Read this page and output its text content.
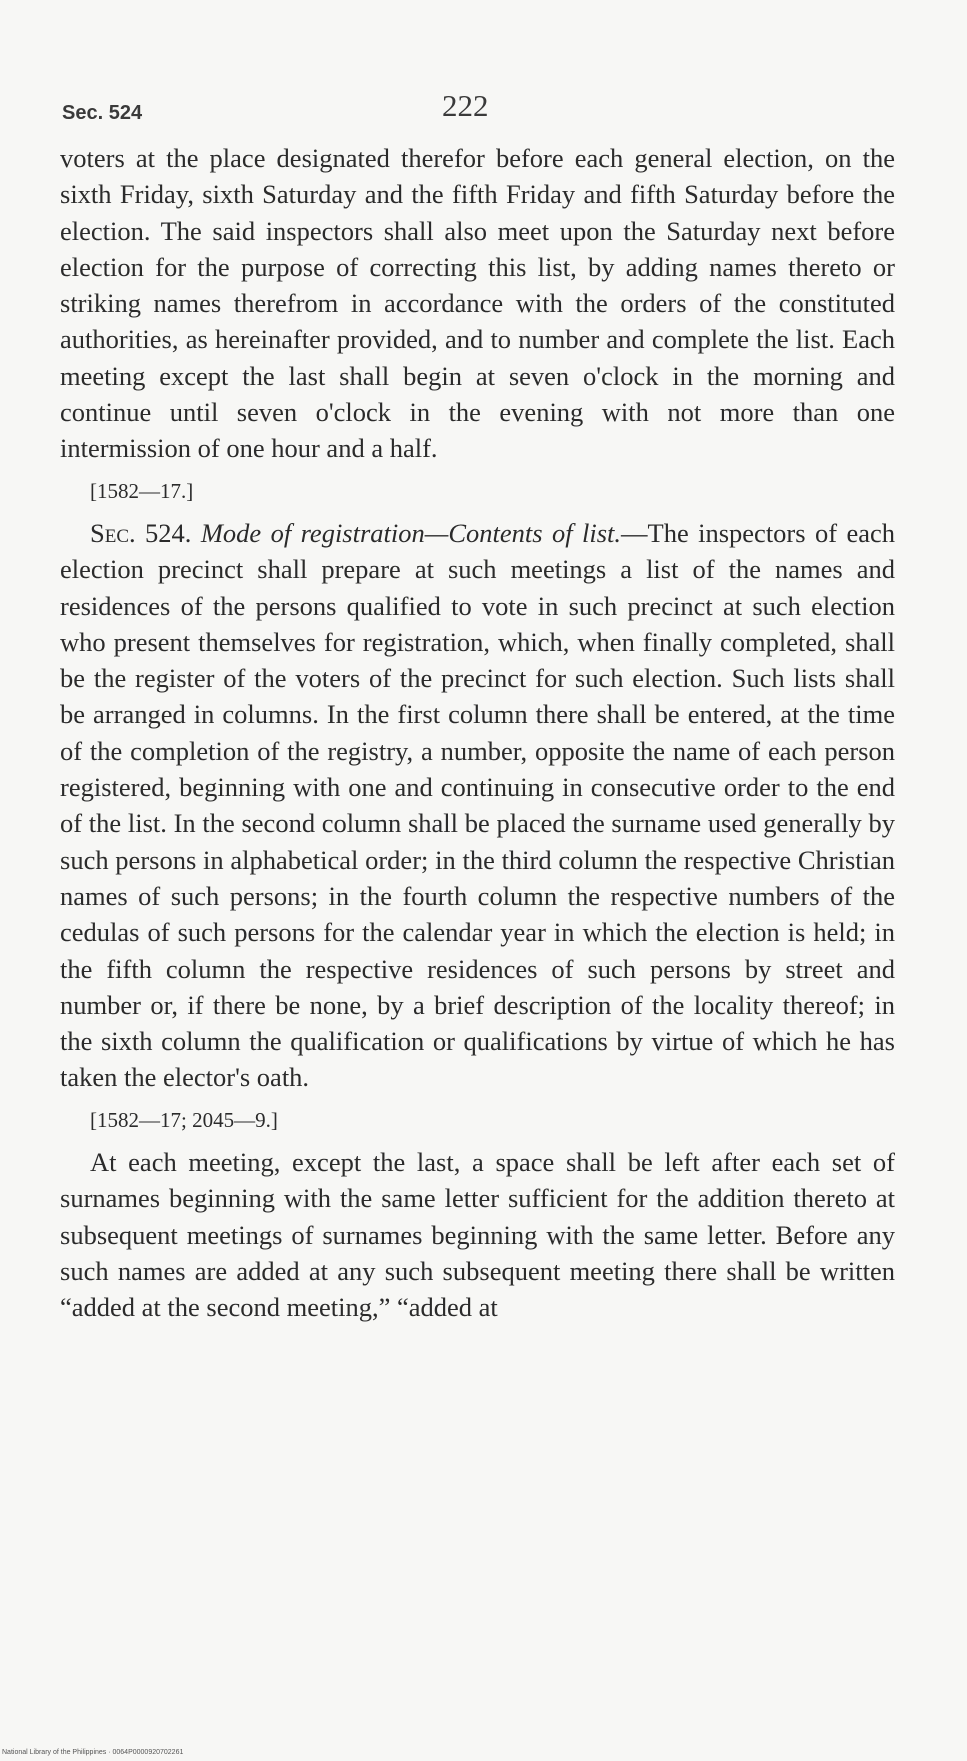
Sec. 524	222

voters at the place designated therefor before each general election, on the sixth Friday, sixth Saturday and the fifth Friday and fifth Saturday before the election. The said inspectors shall also meet upon the Saturday next before election for the purpose of correcting this list, by adding names thereto or striking names therefrom in accordance with the orders of the constituted authorities, as hereinafter provided, and to number and complete the list. Each meeting except the last shall begin at seven o'clock in the morning and continue until seven o'clock in the evening with not more than one intermission of one hour and a half.

[1582—17.]

Sec. 524. Mode of registration—Contents of list.—The inspectors of each election precinct shall prepare at such meetings a list of the names and residences of the persons qualified to vote in such precinct at such election who present themselves for registration, which, when finally completed, shall be the register of the voters of the precinct for such election. Such lists shall be arranged in columns. In the first column there shall be entered, at the time of the completion of the registry, a number, opposite the name of each person registered, beginning with one and continuing in consecutive order to the end of the list. In the second column shall be placed the surname used generally by such persons in alphabetical order; in the third column the respective Christian names of such persons; in the fourth column the respective numbers of the cedulas of such persons for the calendar year in which the election is held; in the fifth column the respective residences of such persons by street and number or, if there be none, by a brief description of the locality thereof; in the sixth column the qualification or qualifications by virtue of which he has taken the elector's oath.

[1582—17; 2045—9.]

At each meeting, except the last, a space shall be left after each set of surnames beginning with the same letter sufficient for the addition thereto at subsequent meetings of surnames beginning with the same letter. Before any such names are added at any such subsequent meeting there shall be written “added at the second meeting,” “added at

National Library of the Philippines · 0064P0000920702261
